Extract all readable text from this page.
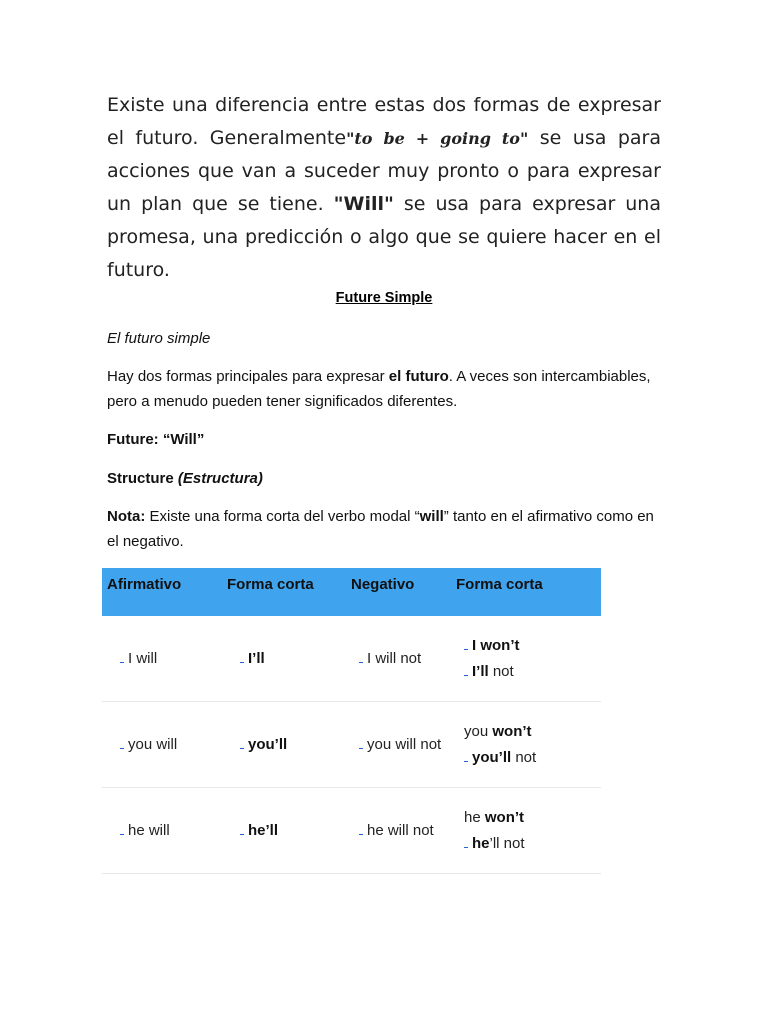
Existe una diferencia entre estas dos formas de expresar el futuro. Generalmente"to be + going to" se usa para acciones que van a suceder muy pronto o para expresar un plan que se tiene. "Will" se usa para expresar una promesa, una predicción o algo que se quiere hacer en el futuro.

Future Simple

El futuro simple

Hay dos formas principales para expresar el futuro. A veces son intercambiables, pero a menudo pueden tener significados diferentes.

Future: “Will”

Structure (Estructura)

Nota: Existe una forma corta del verbo modal “will” tanto en el afirmativo como en el negativo.

Afirmativo	Forma corta	Negativo	Forma corta
I will	I’ll	I will not	I won’t
I’ll not
you will	you’ll	you will not	you won’t
you’ll not
he will	he’ll	he will not	he won’t
he’ll not
